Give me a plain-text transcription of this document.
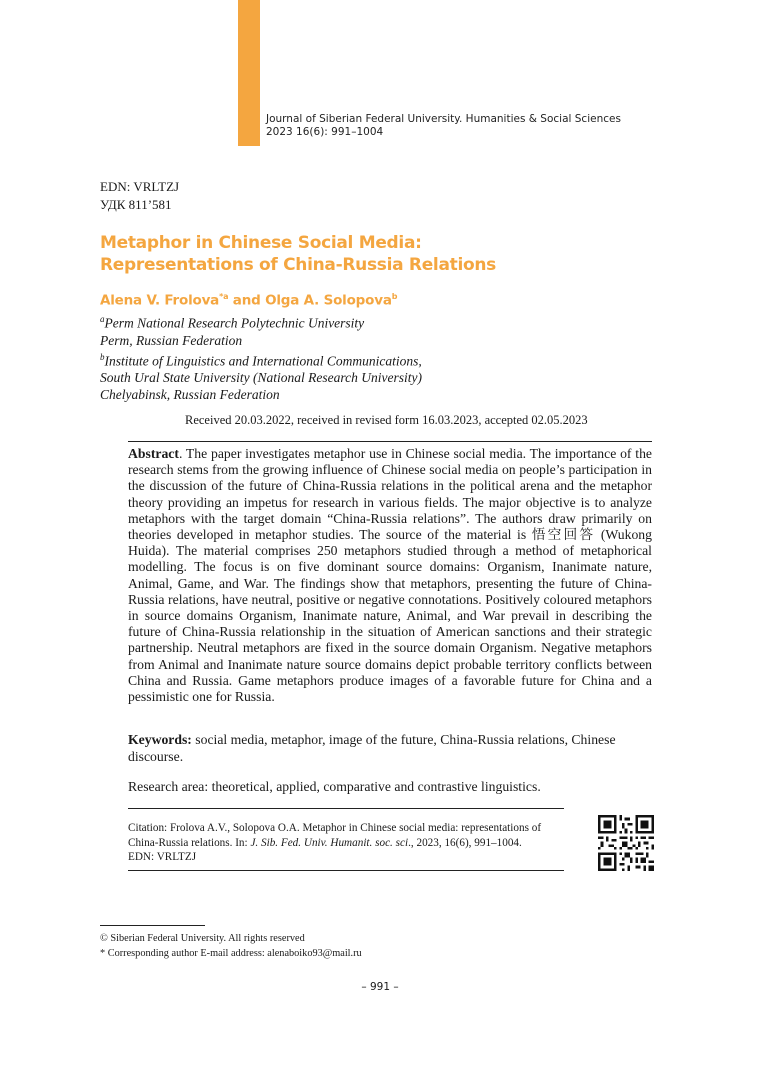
Journal of Siberian Federal University. Humanities & Social Sciences
2023 16(6): 991–1004
EDN: VRLTZJ
УДК 811’581
Metaphor in Chinese Social Media:
Representations of China-Russia Relations
Alena V. Frolova$^{*a}$ and Olga A. Solopova$^b$
$^a$Perm National Research Polytechnic University
Perm, Russian Federation
$^b$Institute of Linguistics and International Communications,
South Ural State University (National Research University)
Chelyabinsk, Russian Federation
Received 20.03.2022, received in revised form 16.03.2023, accepted 02.05.2023
Abstract. The paper investigates metaphor use in Chinese social media. The importance of the research stems from the growing influence of Chinese social media on people’s participation in the discussion of the future of China-Russia relations in the political arena and the metaphor theory providing an impetus for research in various fields. The major objective is to analyze metaphors with the target domain “China-Russia relations”. The authors draw primarily on theories developed in metaphor studies. The source of the material is 悟空回答 (Wukong Huida). The material comprises 250 metaphors studied through a method of metaphorical modelling. The focus is on five dominant source domains: Organism, Inanimate nature, Animal, Game, and War. The findings show that metaphors, presenting the future of China-Russia relations, have neutral, positive or negative connotations. Positively coloured metaphors in source domains Organism, Inanimate nature, Animal, and War prevail in describing the future of China-Russia relationship in the situation of American sanctions and their strategic partnership. Neutral metaphors are fixed in the source domain Organism. Negative metaphors from Animal and Inanimate nature source domains depict probable territory conflicts between China and Russia. Game metaphors produce images of a favorable future for China and a pessimistic one for Russia.
Keywords: social media, metaphor, image of the future, China-Russia relations, Chinese discourse.
Research area: theoretical, applied, comparative and contrastive linguistics.
Citation: Frolova A.V., Solopova O.A. Metaphor in Chinese social media: representations of China-Russia relations. In: J. Sib. Fed. Univ. Humanit. soc. sci., 2023, 16(6), 991–1004.
EDN: VRLTZJ
© Siberian Federal University. All rights reserved
* Corresponding author E-mail address: alenaboiko93@mail.ru
– 991 –
